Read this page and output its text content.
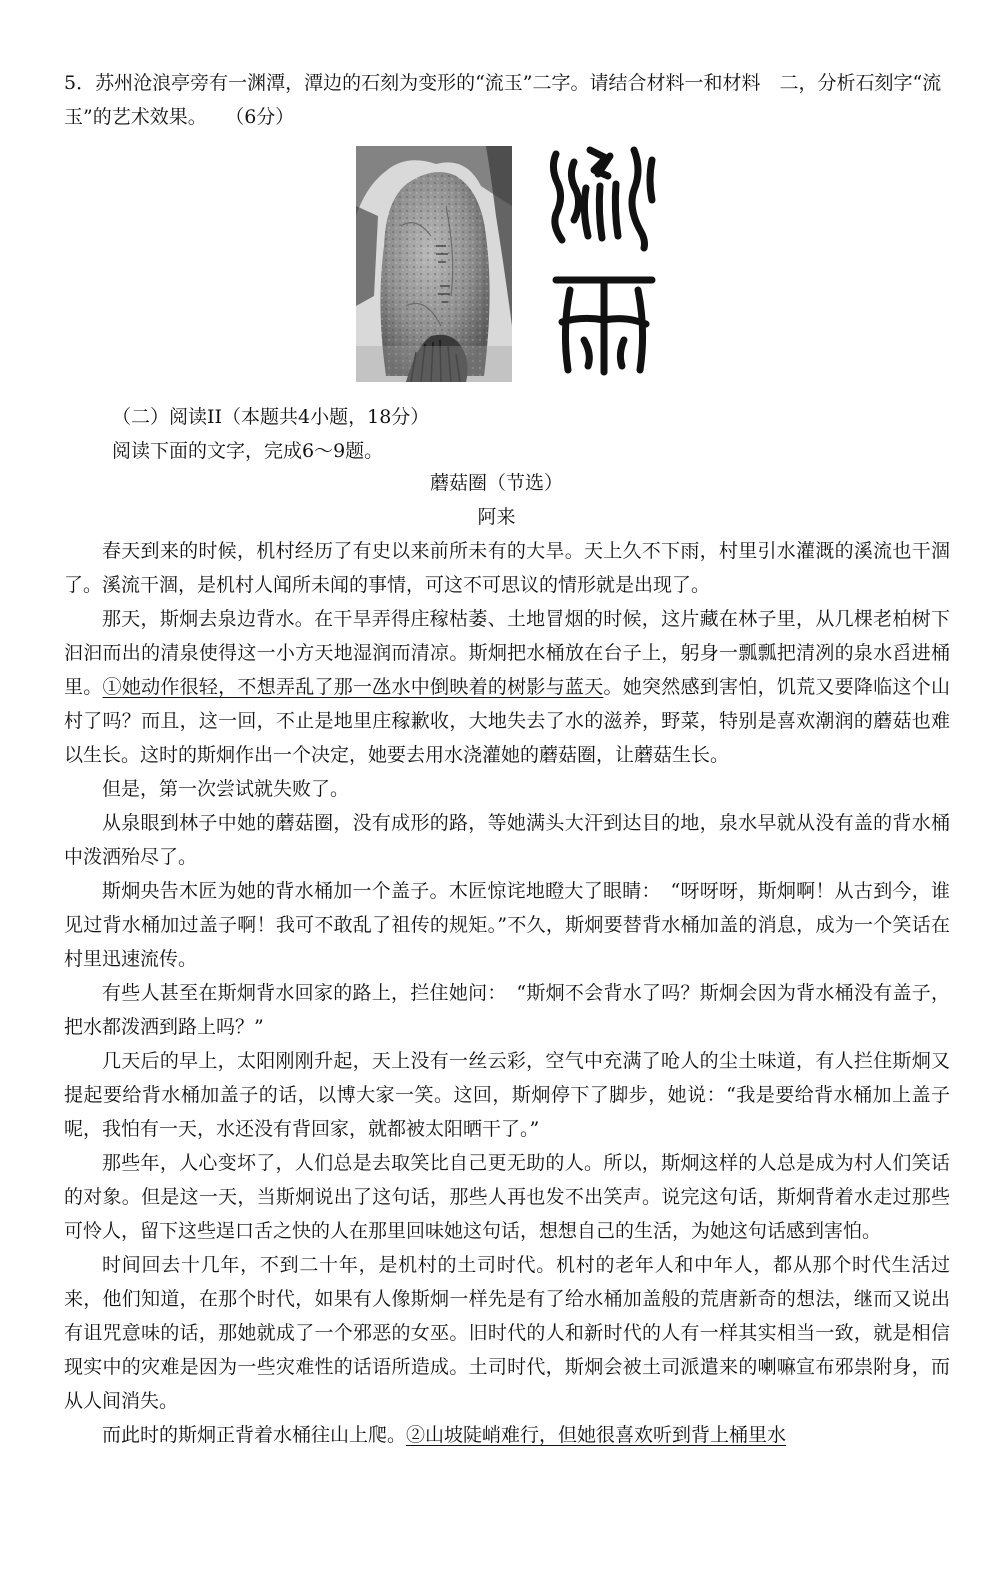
5．苏州沧浪亭旁有一渊潭，潭边的石刻为变形的“流玉”二字。请结合材料一和材料　二，分析石刻字“流玉”的艺术效果。 （6分）
（二）阅读II（本题共4小题，18分）
阅读下面的文字，完成6～9题。
蘑菇圈（节选）
阿来

春天到来的时候，机村经历了有史以来前所未有的大旱。天上久不下雨，村里引水灌溉的溪流也干涸了。溪流干涸，是机村人闻所未闻的事情，可这不可思议的情形就是出现了。

那天，斯炯去泉边背水。在干旱弄得庄稼枯萎、土地冒烟的时候，这片藏在林子里，从几棵老柏树下汩汩而出的清泉使得这一小方天地湿润而清凉。斯炯把水桶放在台子上，躬身一瓢瓢把清冽的泉水舀进桶里。①她动作很轻，不想弄乱了那一氹水中倒映着的树影与蓝天。她突然感到害怕，饥荒又要降临这个山村了吗？而且，这一回，不止是地里庄稼歉收，大地失去了水的滋养，野菜，特别是喜欢潮润的蘑菇也难以生长。这时的斯炯作出一个决定，她要去用水浇灌她的蘑菇圈，让蘑菇生长。

但是，第一次尝试就失败了。

从泉眼到林子中她的蘑菇圈，没有成形的路，等她满头大汗到达目的地，泉水早就从没有盖的背水桶中泼洒殆尽了。

斯炯央告木匠为她的背水桶加一个盖子。木匠惊诧地瞪大了眼睛：　“呀呀呀，斯炯啊！从古到今，谁见过背水桶加过盖子啊！我可不敢乱了祖传的规矩。”不久，斯炯要替背水桶加盖的消息，成为一个笑话在村里迅速流传。

有些人甚至在斯炯背水回家的路上，拦住她问：　“斯炯不会背水了吗？斯炯会因为背水桶没有盖子，把水都泼洒到路上吗？”

几天后的早上，太阳刚刚升起，天上没有一丝云彩，空气中充满了呛人的尘土味道，有人拦住斯炯又提起要给背水桶加盖子的话，以博大家一笑。这回，斯炯停下了脚步，她说：“我是要给背水桶加上盖子呢，我怕有一天，水还没有背回家，就都被太阳晒干了。”

那些年，人心变坏了，人们总是去取笑比自己更无助的人。所以，斯炯这样的人总是成为村人们笑话的对象。但是这一天，当斯炯说出了这句话，那些人再也发不出笑声。说完这句话，斯炯背着水走过那些可怜人，留下这些逞口舌之快的人在那里回味她这句话，想想自己的生活，为她这句话感到害怕。

时间回去十几年，不到二十年，是机村的土司时代。机村的老年人和中年人，都从那个时代生活过来，他们知道，在那个时代，如果有人像斯炯一样先是有了给水桶加盖般的荒唐新奇的想法，继而又说出有诅咒意味的话，那她就成了一个邪恶的女巫。旧时代的人和新时代的人有一样其实相当一致，就是相信现实中的灾难是因为一些灾难性的话语所造成。土司时代，斯炯会被土司派遣来的喇嘛宣布邪祟附身，而从人间消失。

而此时的斯炯正背着水桶往山上爬。②山坡陡峭难行，但她很喜欢听到背上桶里水
